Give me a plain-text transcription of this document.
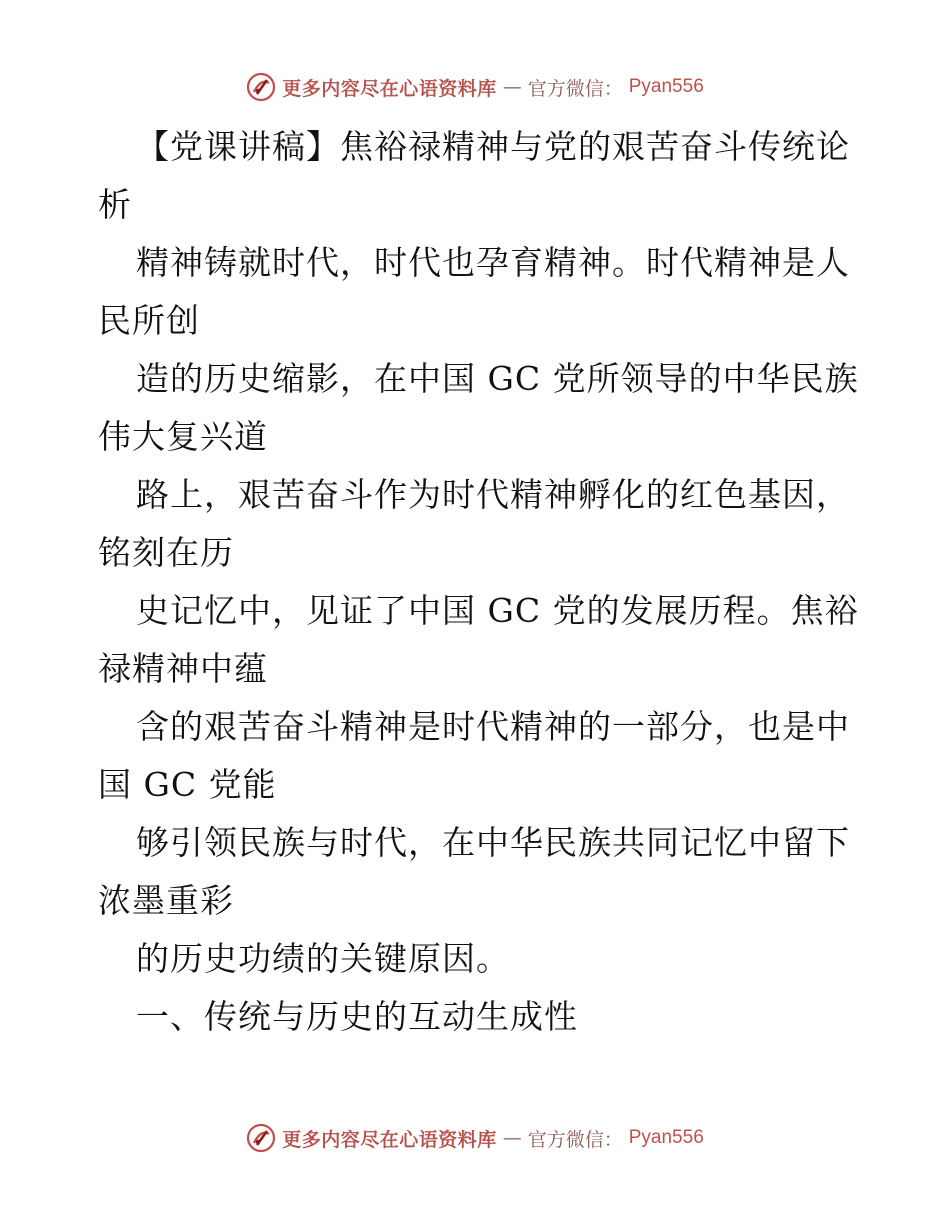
更多内容尽在心语资料库 — 官方微信： Pyan556
【党课讲稿】焦裕禄精神与党的艰苦奋斗传统论
析
精神铸就时代，时代也孕育精神。时代精神是人
民所创
造的历史缩影，在中国 GC 党所领导的中华民族
伟大复兴道
路上，艰苦奋斗作为时代精神孵化的红色基因，
铭刻在历
史记忆中，见证了中国 GC 党的发展历程。焦裕
禄精神中蕴
含的艰苦奋斗精神是时代精神的一部分，也是中
国 GC 党能
够引领民族与时代，在中华民族共同记忆中留下
浓墨重彩
的历史功绩的关键原因。
一、传统与历史的互动生成性
更多内容尽在心语资料库 — 官方微信： Pyan556
